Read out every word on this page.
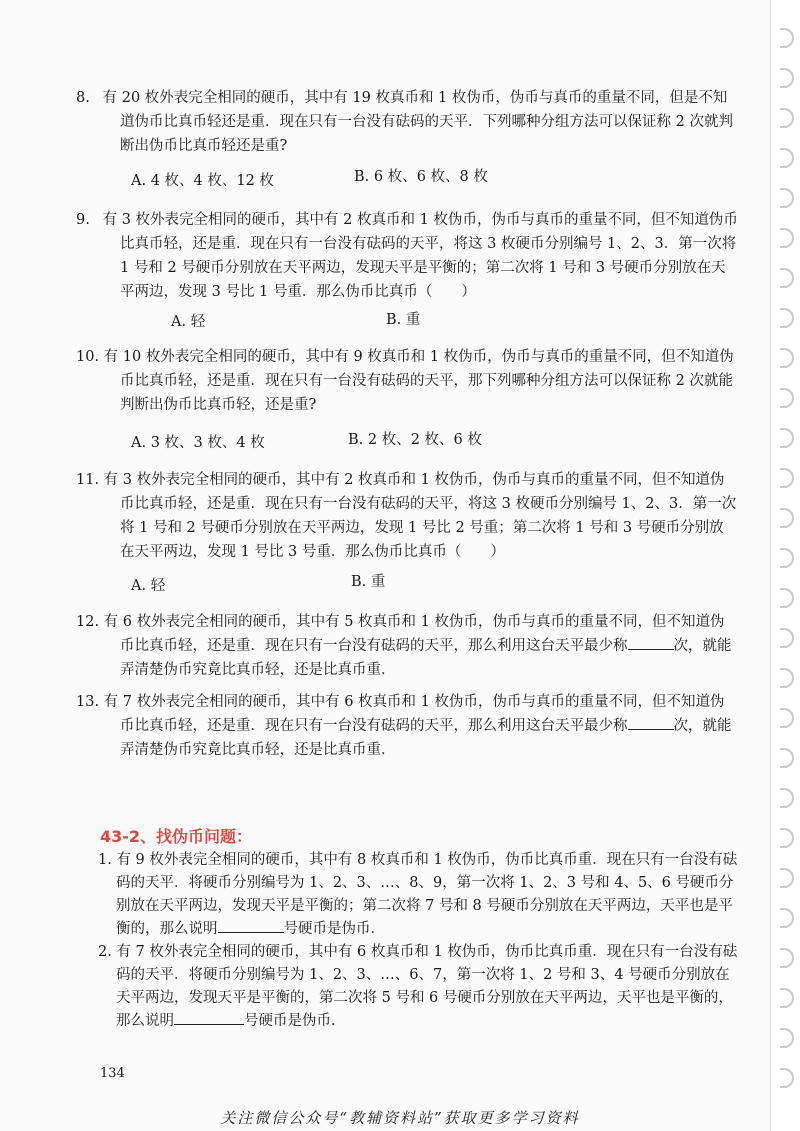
8. 有 20 枚外表完全相同的硬币，其中有 19 枚真币和 1 枚伪币，伪币与真币的重量不同，但是不知道伪币比真币轻还是重．现在只有一台没有砝码的天平．下列哪种分组方法可以保证称 2 次就判断出伪币比真币轻还是重?
A. 4 枚、4 枚、12 枚	B. 6 枚、6 枚、8 枚
9. 有 3 枚外表完全相同的硬币，其中有 2 枚真币和 1 枚伪币，伪币与真币的重量不同，但不知道伪币比真币轻，还是重．现在只有一台没有砝码的天平，将这 3 枚硬币分别编号 1、2、3．第一次将 1 号和 2 号硬币分别放在天平两边，发现天平是平衡的；第二次将 1 号和 3 号硬币分别放在天平两边，发现 3 号比 1 号重．那么伪币比真币（　　）
A. 轻	B. 重
10. 有 10 枚外表完全相同的硬币，其中有 9 枚真币和 1 枚伪币，伪币与真币的重量不同，但不知道伪币比真币轻，还是重．现在只有一台没有砝码的天平，那下列哪种分组方法可以保证称 2 次就能判断出伪币比真币轻，还是重?
A. 3 枚、3 枚、4 枚	B. 2 枚、2 枚、6 枚
11. 有 3 枚外表完全相同的硬币，其中有 2 枚真币和 1 枚伪币，伪币与真币的重量不同，但不知道伪币比真币轻，还是重．现在只有一台没有砝码的天平，将这 3 枚硬币分别编号 1、2、3．第一次将 1 号和 2 号硬币分别放在天平两边，发现 1 号比 2 号重；第二次将 1 号和 3 号硬币分别放在天平两边，发现 1 号比 3 号重．那么伪币比真币（　　）
A. 轻	B. 重
12. 有 6 枚外表完全相同的硬币，其中有 5 枚真币和 1 枚伪币，伪币与真币的重量不同，但不知道伪币比真币轻，还是重．现在只有一台没有砝码的天平，那么利用这台天平最少称	次，就能弄清楚伪币究竟比真币轻，还是比真币重．
13. 有 7 枚外表完全相同的硬币，其中有 6 枚真币和 1 枚伪币，伪币与真币的重量不同，但不知道伪币比真币轻，还是重．现在只有一台没有砝码的天平，那么利用这台天平最少称	次，就能弄清楚伪币究竟比真币轻，还是比真币重．
43-2、找伪币问题：
1. 有 9 枚外表完全相同的硬币，其中有 8 枚真币和 1 枚伪币，伪币比真币重．现在只有一台没有砝码的天平．将硬币分别编号为 1、2、3、…、8、9，第一次将 1、2、3 号和 4、5、6 号硬币分别放在天平两边，发现天平是平衡的；第二次将 7 号和 8 号硬币分别放在天平两边，天平也是平衡的，那么说明	号硬币是伪币．
2. 有 7 枚外表完全相同的硬币，其中有 6 枚真币和 1 枚伪币，伪币比真币重．现在只有一台没有砝码的天平．将硬币分别编号为 1、2、3、…、6、7，第一次将 1、2 号和 3、4 号硬币分别放在天平两边，发现天平是平衡的，第二次将 5 号和 6 号硬币分别放在天平两边，天平也是平衡的，那么说明	号硬币是伪币．
134
关注微信公众号“教辅资料站”获取更多学习资料
